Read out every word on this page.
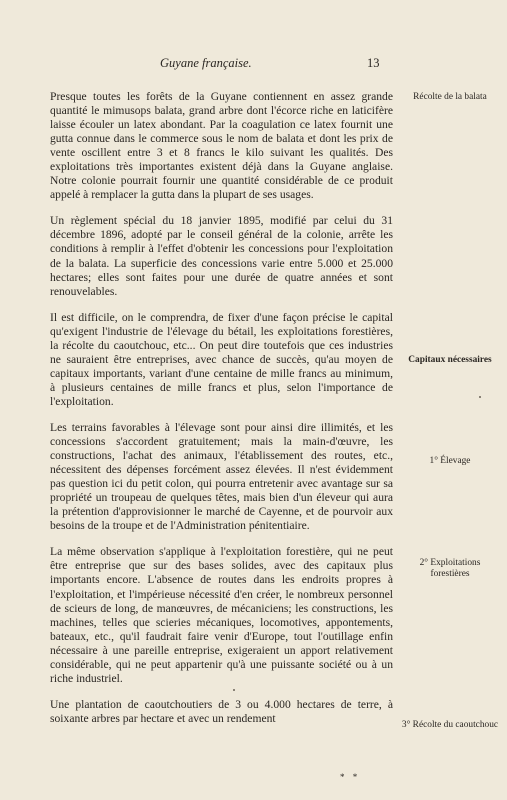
Guyane française.	13

Presque toutes les forêts de la Guyane contiennent en assez grande quantité le mimusops balata, grand arbre dont l'écorce riche en laticifère laisse écouler un latex abondant. Par la coagulation ce latex fournit une gutta connue dans le commerce sous le nom de balata et dont les prix de vente oscillent entre 3 et 8 francs le kilo suivant les qualités. Des exploitations très importantes existent déjà dans la Guyane anglaise. Notre colonie pourrait fournir une quantité considérable de ce produit appelé à remplacer la gutta dans la plupart de ses usages.

Un règlement spécial du 18 janvier 1895, modifié par celui du 31 décembre 1896, adopté par le conseil général de la colonie, arrête les conditions à remplir à l'effet d'obtenir les concessions pour l'exploitation de la balata. La superficie des concessions varie entre 5.000 et 25.000 hectares; elles sont faites pour une durée de quatre années et sont renouvelables.

Il est difficile, on le comprendra, de fixer d'une façon précise le capital qu'exigent l'industrie de l'élevage du bétail, les exploitations forestières, la récolte du caoutchouc, etc... On peut dire toutefois que ces industries ne sauraient être entreprises, avec chance de succès, qu'au moyen de capitaux importants, variant d'une centaine de mille francs au minimum, à plusieurs centaines de mille francs et plus, selon l'importance de l'exploitation.

Les terrains favorables à l'élevage sont pour ainsi dire illimités, et les concessions s'accordent gratuitement; mais la main-d'œuvre, les constructions, l'achat des animaux, l'établissement des routes, etc., nécessitent des dépenses forcément assez élevées. Il n'est évidemment pas question ici du petit colon, qui pourra entretenir avec avantage sur sa propriété un troupeau de quelques têtes, mais bien d'un éleveur qui aura la prétention d'approvisionner le marché de Cayenne, et de pourvoir aux besoins de la troupe et de l'Administration pénitentiaire.

La même observation s'applique à l'exploitation forestière, qui ne peut être entreprise que sur des bases solides, avec des capitaux plus importants encore. L'absence de routes dans les endroits propres à l'exploitation, et l'impérieuse nécessité d'en créer, le nombreux personnel de scieurs de long, de manœuvres, de mécaniciens; les constructions, les machines, telles que scieries mécaniques, locomotives, appontements, bateaux, etc., qu'il faudrait faire venir d'Europe, tout l'outillage enfin nécessaire à une pareille entreprise, exigeraient un apport relativement considérable, qui ne peut appartenir qu'à une puissante société ou à un riche industriel.

Une plantation de caoutchoutiers de 3 ou 4.000 hectares de terre, à soixante arbres par hectare et avec un rendement

Récolte de la balata
Capitaux nécessaires
1° Élevage
2° Exploitations forestières
3° Récolte du caoutchouc
* *
